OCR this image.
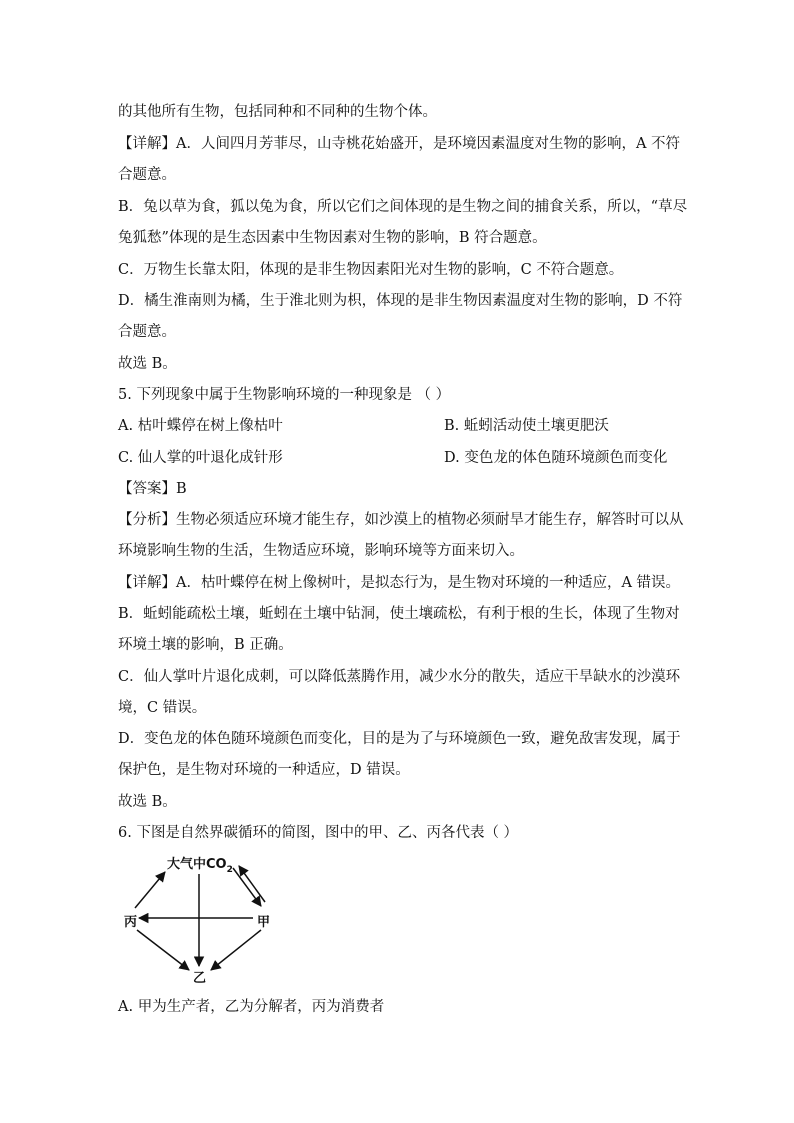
的其他所有生物，包括同种和不同种的生物个体。
【详解】A．人间四月芳菲尽，山寺桃花始盛开，是环境因素温度对生物的影响，A 不符
合题意。
B．兔以草为食，狐以兔为食，所以它们之间体现的是生物之间的捕食关系，所以，“草尽
兔狐愁”体现的是生态因素中生物因素对生物的影响，B 符合题意。
C．万物生长靠太阳，体现的是非生物因素阳光对生物的影响，C 不符合题意。
D．橘生淮南则为橘，生于淮北则为枳，体现的是非生物因素温度对生物的影响，D 不符
合题意。
故选 B。
5. 下列现象中属于生物影响环境的一种现象是 （ ）
A. 枯叶蝶停在树上像枯叶	B. 蚯蚓活动使土壤更肥沃
C. 仙人掌的叶退化成针形	D. 变色龙的体色随环境颜色而变化
【答案】B
【分析】生物必须适应环境才能生存，如沙漠上的植物必须耐旱才能生存，解答时可以从
环境影响生物的生活，生物适应环境，影响环境等方面来切入。
【详解】A．枯叶蝶停在树上像树叶，是拟态行为，是生物对环境的一种适应，A 错误。
B．蚯蚓能疏松土壤，蚯蚓在土壤中钻洞，使土壤疏松，有利于根的生长，体现了生物对
环境土壤的影响，B 正确。
C．仙人掌叶片退化成刺，可以降低蒸腾作用，减少水分的散失，适应干旱缺水的沙漠环
境，C 错误。
D．变色龙的体色随环境颜色而变化，目的是为了与环境颜色一致，避免敌害发现，属于
保护色，是生物对环境的一种适应，D 错误。
故选 B。
6. 下图是自然界碳循环的简图，图中的甲、乙、丙各代表（ ）
大气中$CO_2$
丙	甲
乙
A. 甲为生产者，乙为分解者，丙为消费者
